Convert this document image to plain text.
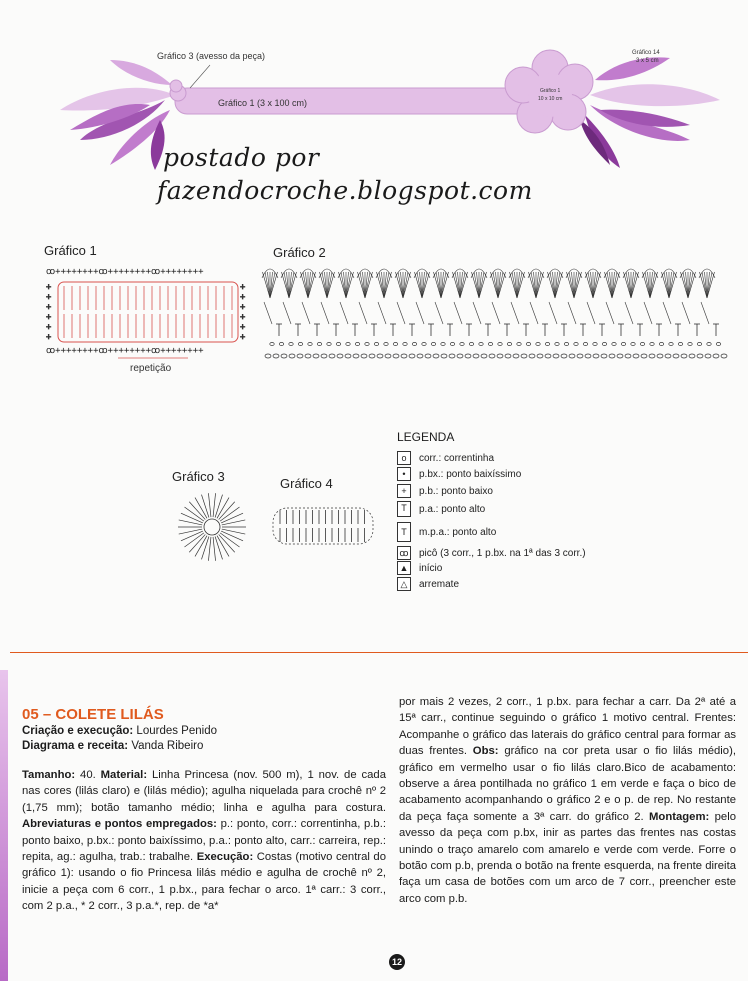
Gráfico 3 (avesso da peça)
Gráfico 1 (3 x 100 cm)
Gráfico 14
3 x 5 cm
Gráfico 1
10 x 10 cm
postado por
fazendocroche.blogspot.com
Gráfico 1	Gráfico 2
Gráfico 3	Gráfico 4
repetição
ꝏ++++++++ꝏ++++++++ꝏ++++++++
+	+
+	+
+	+
+	+
+	+
+	+
ꝏ++++++++ꝏ++++++++ꝏ++++++++
LEGENDA
o	corr.: correntinha
•	p.bx.: ponto baixíssimo
+	p.b.: ponto baixo
T	p.a.: ponto alto
T	m.p.a.: ponto alto
ꝏ picô (3 corr., 1 p.bx. na 1ª das 3 corr.)
▲ início
△	arremate
05 – COLETE LILÁS
Criação e execução: Lourdes Penido
Diagrama e receita: Vanda Ribeiro
Tamanho: 40. Material: Linha Princesa (nov. 500 m), 1 nov. de cada nas cores (lilás claro) e (lilás médio); agulha niquelada para crochê nº 2 (1,75 mm); botão tamanho médio; linha e agulha para costura. Abreviaturas e pontos empregados: p.: ponto, corr.: correntinha, p.b.: ponto baixo, p.bx.: ponto baixíssimo, p.a.: ponto alto, carr.: carreira, rep.: repita, ag.: agulha, trab.: trabalhe. Execução: Costas (motivo central do gráfico 1): usando o fio Princesa lilás médio e agulha de crochê nº 2, inicie a peça com 6 corr., 1 p.bx., para fechar o arco. 1ª carr.: 3 corr., com 2 p.a., * 2 corr., 3 p.a.*, rep. de *a*
por mais 2 vezes, 2 corr., 1 p.bx. para fechar a carr. Da 2ª até a 15ª carr., continue seguindo o gráfico 1 motivo central. Frentes: Acompanhe o gráfico das laterais do gráfico central para formar as duas frentes. Obs: gráfico na cor preta usar o fio lilás médio), gráfico em vermelho usar o fio lilás claro.Bico de acabamento: observe a área pontilhada no gráfico 1 em verde e faça o bico de acabamento acompanhando o gráfico 2 e o p. de rep. No restante da peça faça somente a 3ª carr. do gráfico 2. Montagem: pelo avesso da peça com p.bx, inir as partes das frentes nas costas unindo o traço amarelo com amarelo e verde com verde. Forre o botão com p.b, prenda o botão na frente esquerda, na frente direita faça um casa de botões com um arco de 7 corr., preencher este arco com p.b.
12
